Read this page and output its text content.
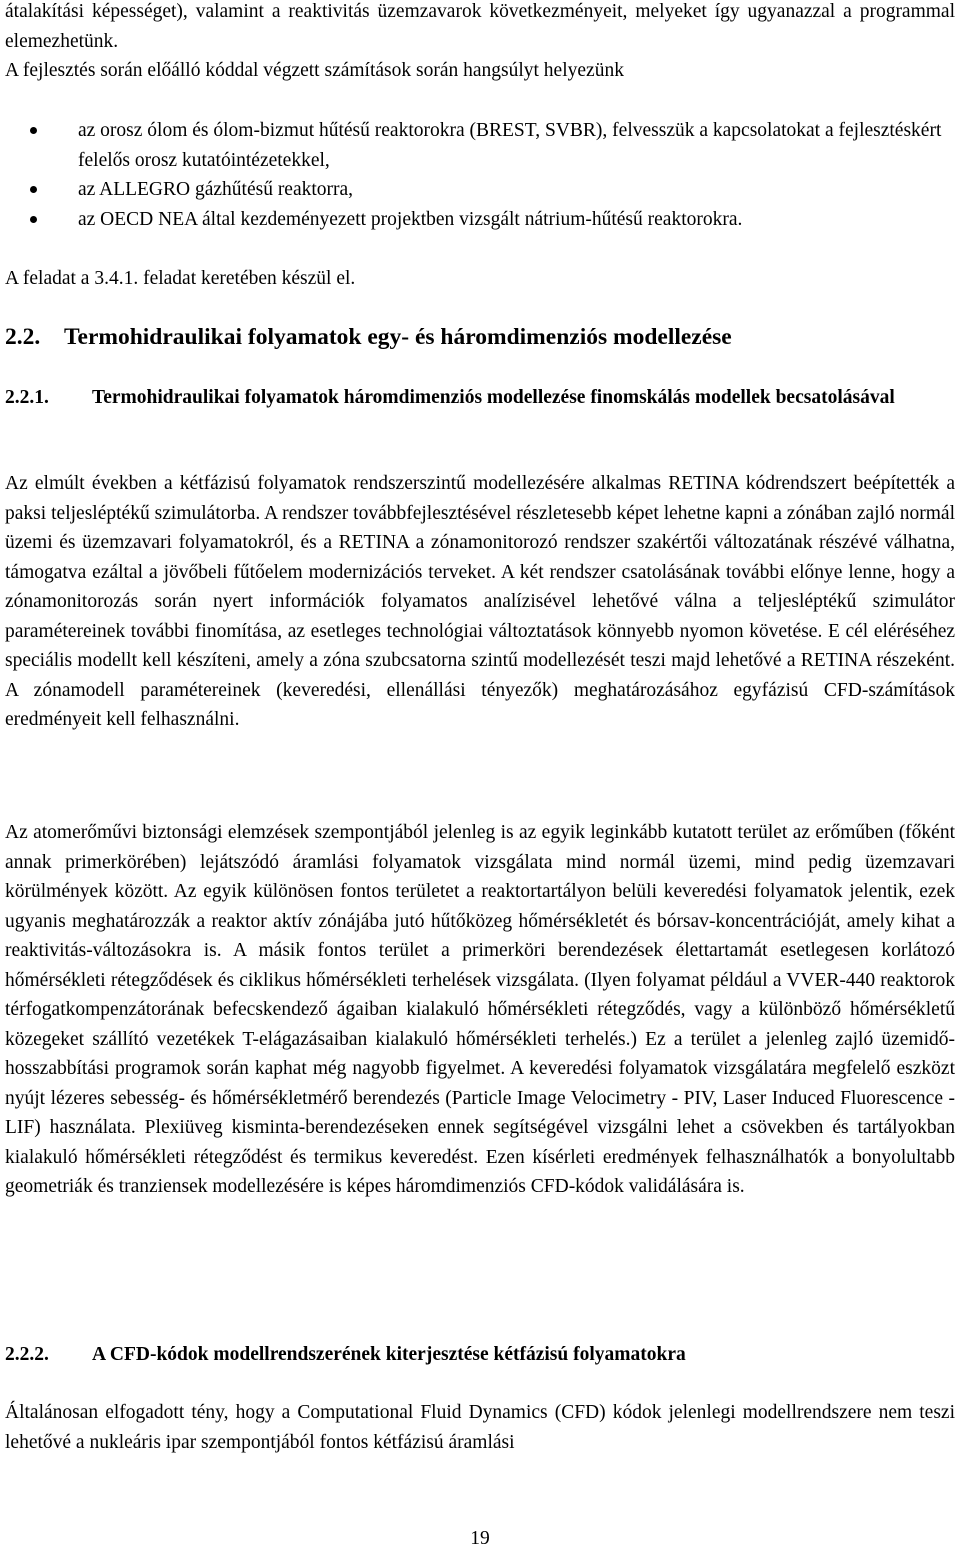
átalakítási képességet), valamint a reaktivitás üzemzavarok következményeit, melyeket így ugyanazzal a programmal elemezhetünk.

A fejlesztés során előálló kóddal végzett számítások során hangsúlyt helyezünk

az orosz ólom és ólom-bizmut hűtésű reaktorokra (BREST, SVBR), felvesszük a kapcsolatokat a fejlesztéskért felelős orosz kutatóintézetekkel,
az ALLEGRO gázhűtésű reaktorra,
az OECD NEA által kezdeményezett projektben vizsgált nátrium-hűtésű reaktorokra.

A feladat a 3.4.1. feladat keretében készül el.

2.2. Termohidraulikai folyamatok egy- és háromdimenziós modellezése
2.2.1. Termohidraulikai folyamatok háromdimenziós modellezése finomskálás modellek becsatolásával

Az elmúlt években a kétfázisú folyamatok rendszerszintű modellezésére alkalmas RETINA kódrendszert beépítették a paksi teljesléptékű szimulátorba. A rendszer továbbfejlesztésével részletesebb képet lehetne kapni a zónában zajló normál üzemi és üzemzavari folyamatokról, és a RETINA a zónamonitorozó rendszer szakértői változatának részévé válhatna, támogatva ezáltal a jövőbeli fűtőelem modernizációs terveket. A két rendszer csatolásának további előnye lenne, hogy a zónamonitorozás során nyert információk folyamatos analízisével lehetővé válna a teljesléptékű szimulátor paramétereinek további finomítása, az esetleges technológiai változtatások könnyebb nyomon követése. E cél eléréséhez speciális modellt kell készíteni, amely a zóna szubcsatorna szintű modellezését teszi majd lehetővé a RETINA részeként. A zónamodell paramétereinek (keveredési, ellenállási tényezők) meghatározásához egyfázisú CFD-számítások eredményeit kell felhasználni.

Az atomerőművi biztonsági elemzések szempontjából jelenleg is az egyik leginkább kutatott terület az erőműben (főként annak primerkörében) lejátszódó áramlási folyamatok vizsgálata mind normál üzemi, mind pedig üzemzavari körülmények között. Az egyik különösen fontos területet a reaktortartályon belüli keveredési folyamatok jelentik, ezek ugyanis meghatározzák a reaktor aktív zónájába jutó hűtőközeg hőmérsékletét és bórsav-koncentrációját, amely kihat a reaktivitás-változásokra is. A másik fontos terület a primerköri berendezések élettartamát esetlegesen korlátozó hőmérsékleti rétegződések és ciklikus hőmérsékleti terhelések vizsgálata. (Ilyen folyamat például a VVER-440 reaktorok térfogatkompenzátorának befecskendező ágaiban kialakuló hőmérsékleti rétegződés, vagy a különböző hőmérsékletű közegeket szállító vezetékek T-elágazásaiban kialakuló hőmérsékleti terhelés.) Ez a terület a jelenleg zajló üzemidő-hosszabbítási programok során kaphat még nagyobb figyelmet. A keveredési folyamatok vizsgálatára megfelelő eszközt nyújt lézeres sebesség- és hőmérsékletmérő berendezés (Particle Image Velocimetry - PIV, Laser Induced Fluorescence - LIF) használata. Plexiüveg kisminta-berendezéseken ennek segítségével vizsgálni lehet a csövekben és tartályokban kialakuló hőmérsékleti rétegződést és termikus keveredést. Ezen kísérleti eredmények felhasználhatók a bonyolultabb geometriák és tranziensek modellezésére is képes háromdimenziós CFD-kódok validálására is.

2.2.2. A CFD-kódok modellrendszerének kiterjesztése kétfázisú folyamatokra

Általánosan elfogadott tény, hogy a Computational Fluid Dynamics (CFD) kódok jelenlegi modellrendszere nem teszi lehetővé a nukleáris ipar szempontjából fontos kétfázisú áramlási

19
